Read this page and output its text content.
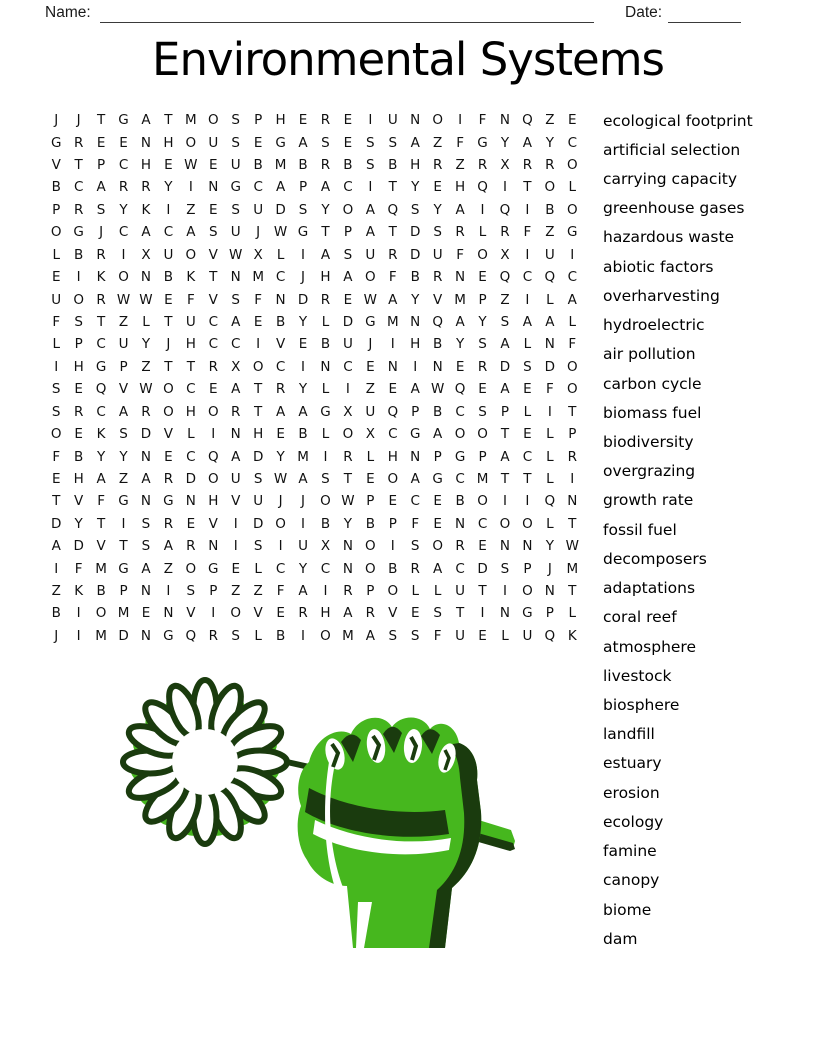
Name:	Date:
Environmental Systems
J	J	T G A	T M O S	P H E R E	I	U N O	I	F	N Q Z	E
G R E	E N H O U S	E G A	S	E	S	S	A Z	F G Y	A	Y	C
V	T	P	C H E W E U B M B R B	S	B H R Z R X R R O
B C A R R	Y	I	N G C A	P	A C	I	T	Y	E H Q	I	T O L
P	R S	Y	K	I	Z	E	S U D S	Y O A Q S	Y	A	I	Q	I	B O
O G	J	C A C A	S U	J	W G T	P	A	T D S R	L	R	F	Z G
L	B R	I	X U O V W X	L	I	A	S U R D U	F O X	I	U	I
E	I	K O N B K	T N M C	J	H A O F	B R N E Q C Q C
U O R W W E	F	V	S	F	N D R E W A	Y	V M P	Z	I	L	A
F	S	T	Z	L	T U C A	E	B	Y	L D G M N Q A	Y	S	A A	L
L	P	C U Y	J	H C C	I	V	E	B U	J	I	H B	Y	S	A	L	N	F
I	H G P	Z	T	T	R X O C	I	N C E N	I	N E R D S D O
S	E Q V W O C E	A	T	R	Y	L	I	Z	E	A W Q E	A	E	F O
S R C A R O H O R	T	A A G X U Q P	B C S	P	L	I	T
O E	K	S D V	L	I	N H E	B	L O X C G A O O T	E	L	P
F	B	Y	Y N E C Q A D Y M	I	R	L	H N P G P	A C	L	R
E H A Z A R D O U S W A	S	T	E O A G C M T	T	L	I
T	V	F G N G N H V U	J	J	O W P	E C E	B O	I	I	Q N
D Y	T	I	S R E	V	I	D O	I	B	Y	B	P	F	E N C O O L	T
A D V	T	S	A R N	I	S	I	U X N O	I	S O R E N N Y W
I	F M G A Z O G E	L	C	Y	C N O B R A C D S	P	J	M
Z K B	P N	I	S	P	Z Z	F	A	I	R	P O L	L	U T	I	O N T
B	I	O M E N V	I	O V	E R H A R V	E	S	T	I	N G P	L
J	I	M D N G Q R S	L	B	I	O M A	S	S	F	U E	L	U Q K
ecological footprint
artificial selection
carrying capacity
greenhouse gases
hazardous waste
abiotic factors
overharvesting
hydroelectric
air pollution
carbon cycle
biomass fuel
biodiversity
overgrazing
growth rate
fossil fuel
decomposers
adaptations
coral reef
atmosphere
livestock
biosphere
landfill
estuary
erosion
ecology
famine
canopy
biome
dam
